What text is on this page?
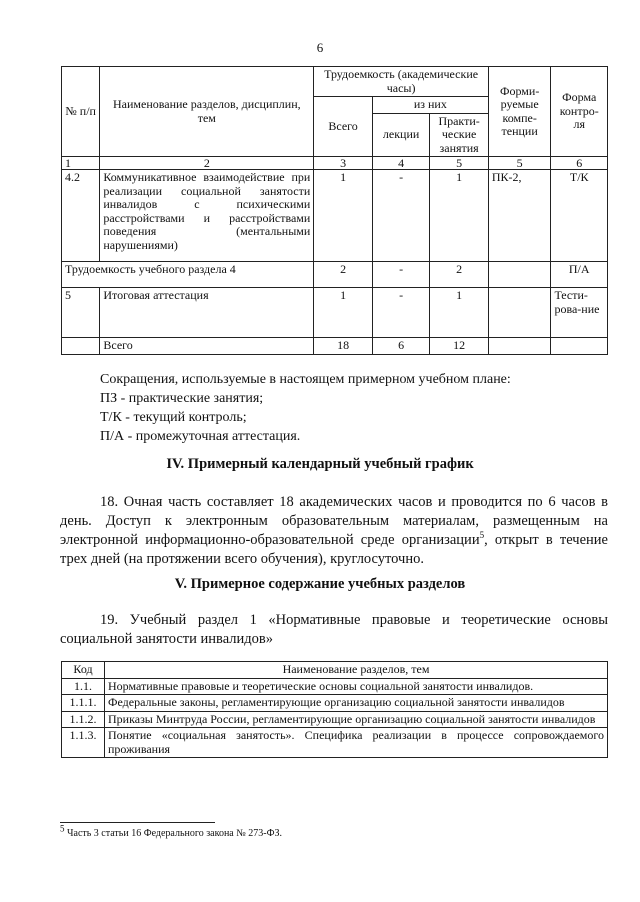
6
№ п/п	Наименование разделов, дисциплин, тем	Трудоемкость (академические часы)			Форми-руемые компе-тенции	Форма контро-ля
		Всего	из них			
			лекции	Практи-ческие занятия		
1	2	3	4	5	5	6
4.2	Коммуникативное взаимодействие при реализации социальной занятости инвалидов с психическими расстройствами и расстройствами поведения (ментальными нарушениями)	1	-	1	ПК-2,	Т/К
Трудоемкость учебного раздела 4		2	-	2		П/А
5	Итоговая аттестация	1	-	1		Тести-рова-ние
	Всего	18	6	12		
Сокращения, используемые в настоящем примерном учебном плане:
ПЗ - практические занятия;
Т/К - текущий контроль;
П/А - промежуточная аттестация.
IV. Примерный календарный учебный график

18. Очная часть составляет 18 академических часов и проводится по 6 часов в день. Доступ к электронным образовательным материалам, размещенным на электронной информационно-образовательной среде организации$^5$, открыт в течение трех дней (на протяжении всего обучения), круглосуточно.

V. Примерное содержание учебных разделов

19. Учебный раздел 1 «Нормативные правовые и теоретические основы социальной занятости инвалидов»

Код	Наименование разделов, тем
1.1.	Нормативные правовые и теоретические основы социальной занятости инвалидов.
1.1.1.	Федеральные законы, регламентирующие организацию социальной занятости инвалидов
1.1.2.	Приказы Минтруда России, регламентирующие организацию социальной занятости инвалидов
1.1.3.	Понятие «социальная занятость». Специфика реализации в процессе сопровождаемого проживания
$^5$ Часть 3 статьи 16 Федерального закона № 273-ФЗ.
